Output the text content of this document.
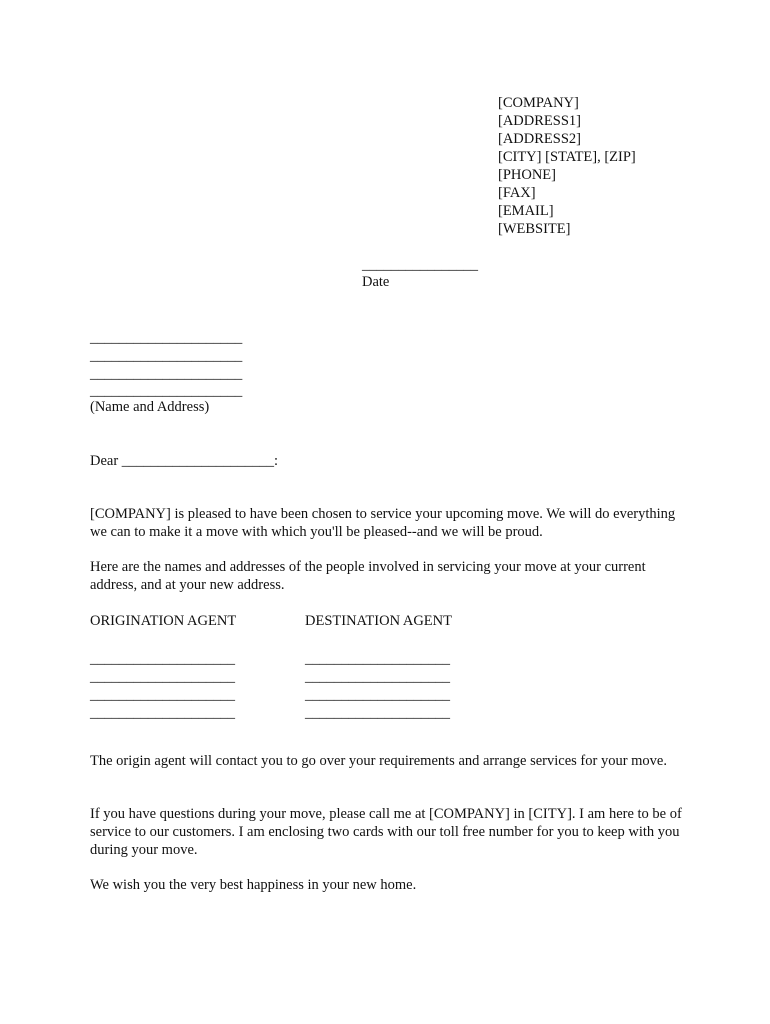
[COMPANY]
[ADDRESS1]
[ADDRESS2]
[CITY] [STATE], [ZIP]
[PHONE]
[FAX]
[EMAIL]
[WEBSITE]
________________
Date
_____________________
_____________________
_____________________
_____________________
(Name and Address)
Dear _____________________:
[COMPANY] is pleased to have been chosen to service your upcoming move. We will do everything we can to make it a move with which you'll be pleased--and we will be proud.
Here are the names and addresses of the people involved in servicing your move at your current address, and at your new address.
ORIGINATION AGENT	DESTINATION AGENT
____________________
____________________
____________________
____________________
____________________
____________________
____________________
____________________
The origin agent will contact you to go over your requirements and arrange services for your move.
If you have questions during your move, please call me at [COMPANY] in [CITY]. I am here to be of service to our customers. I am enclosing two cards with our toll free number for you to keep with you during your move.
We wish you the very best happiness in your new home.
